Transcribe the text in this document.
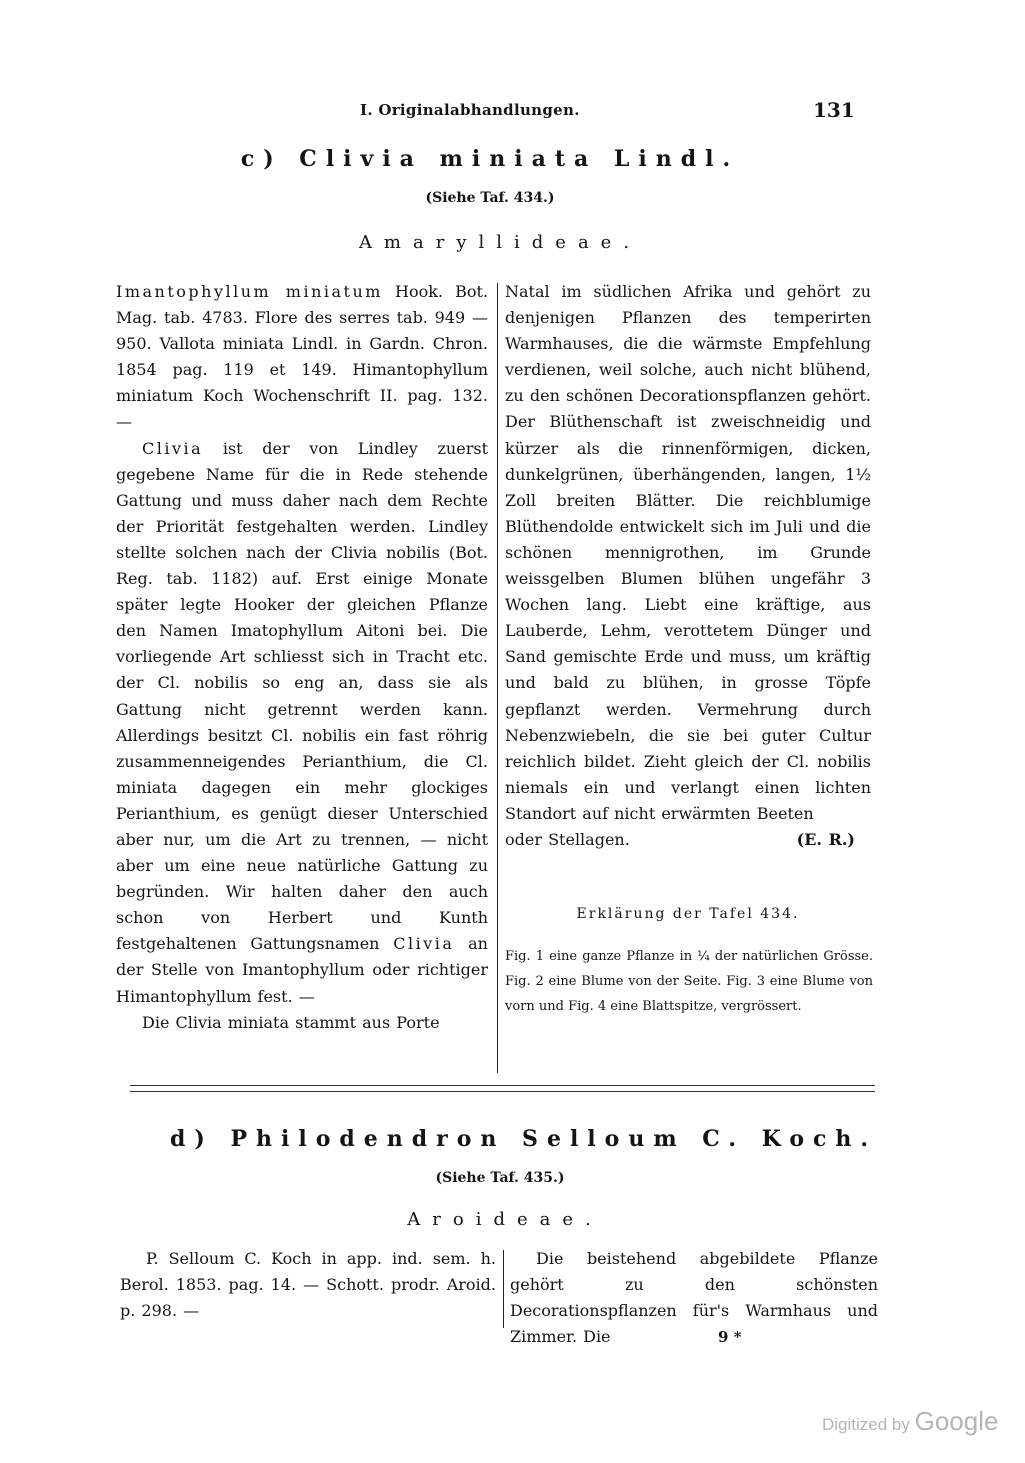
I. Originalabhandlungen.	131
c) Clivia miniata Lindl.
(Siehe Taf. 434.)
Amaryllideae.

Imantophyllum miniatum Hook. Bot. Mag. tab. 4783. Flore des serres tab. 949 — 950. Vallota miniata Lindl. in Gardn. Chron. 1854 pag. 119 et 149. Himantophyllum miniatum Koch Wochenschrift II. pag. 132. —

Clivia ist der von Lindley zuerst gegebene Name für die in Rede stehende Gattung und muss daher nach dem Rechte der Priorität festgehalten werden. Lindley stellte solchen nach der Clivia nobilis (Bot. Reg. tab. 1182) auf. Erst einige Monate später legte Hooker der gleichen Pflanze den Namen Imatophyllum Aitoni bei. Die vorliegende Art schliesst sich in Tracht etc. der Cl. nobilis so eng an, dass sie als Gattung nicht getrennt werden kann. Allerdings besitzt Cl. nobilis ein fast röhrig zusammenneigendes Perianthium, die Cl. miniata dagegen ein mehr glockiges Perianthium, es genügt dieser Unterschied aber nur, um die Art zu trennen, — nicht aber um eine neue natürliche Gattung zu begründen. Wir halten daher den auch schon von Herbert und Kunth festgehaltenen Gattungsnamen Clivia an der Stelle von Imantophyllum oder richtiger Himantophyllum fest. —

Die Clivia miniata stammt aus Porte

Natal im südlichen Afrika und gehört zu denjenigen Pflanzen des temperirten Warmhauses, die die wärmste Empfehlung verdienen, weil solche, auch nicht blühend, zu den schönen Decorationspflanzen gehört. Der Blüthenschaft ist zweischneidig und kürzer als die rinnenförmigen, dicken, dunkelgrünen, überhängenden, langen, 1½ Zoll breiten Blätter. Die reichblumige Blüthendolde entwickelt sich im Juli und die schönen mennigrothen, im Grunde weissgelben Blumen blühen ungefähr 3 Wochen lang. Liebt eine kräftige, aus Lauberde, Lehm, verottetem Dünger und Sand gemischte Erde und muss, um kräftig und bald zu blühen, in grosse Töpfe gepflanzt werden. Vermehrung durch Nebenzwiebeln, die sie bei guter Cultur reichlich bildet. Zieht gleich der Cl. nobilis niemals ein und verlangt einen lichten Standort auf nicht erwärmten Beeten

oder Stellagen.	(E. R.)
Erklärung der Tafel 434.
Fig. 1 eine ganze Pflanze in ¼ der natürlichen Grösse. Fig. 2 eine Blume von der Seite. Fig. 3 eine Blume von vorn und Fig. 4 eine Blattspitze, vergrössert.
d) Philodendron Selloum C. Koch.
(Siehe Taf. 435.)
Aroideae.
P. Selloum C. Koch in app. ind. sem. h. Berol. 1853. pag. 14. — Schott. prodr. Aroid. p. 298. —
Die beistehend abgebildete Pflanze gehört zu den schönsten Decorationspflanzen für's Warmhaus und Zimmer. Die	9 *
Digitized by Google
